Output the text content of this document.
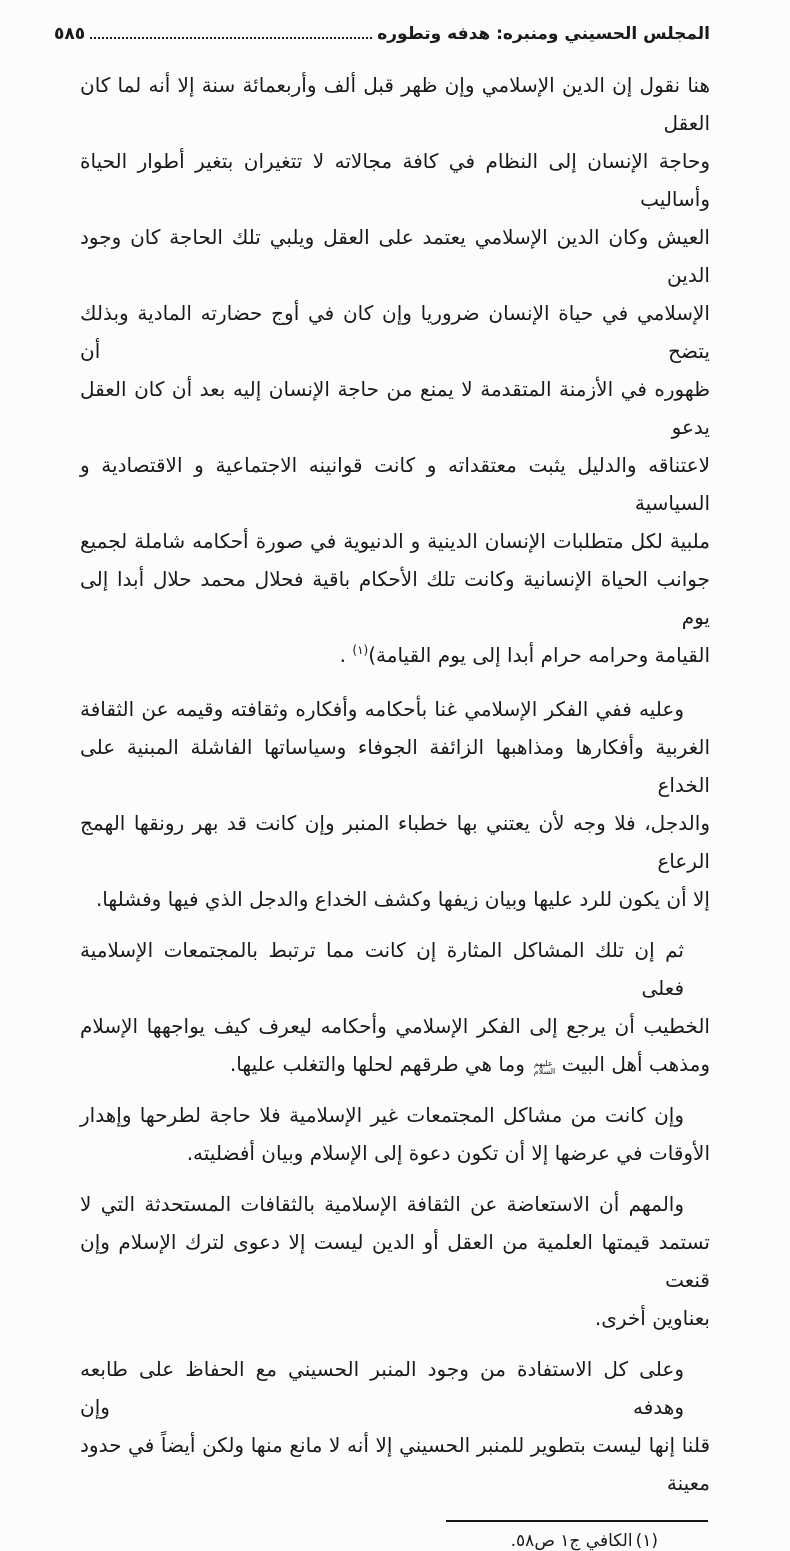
المجلس الحسيني ومنبره: هدفه وتطوره
٥٨٥
هنا نقول إن الدين الإسلامي وإن ظهر قبل ألف وأربعمائة سنة إلا أنه لما كان العقل
وحاجة الإنسان إلى النظام في كافة مجالاته لا تتغيران بتغير أطوار الحياة وأساليب
العيش وكان الدين الإسلامي يعتمد على العقل ويلبي تلك الحاجة كان وجود الدين
الإسلامي في حياة الإنسان ضروريا وإن كان في أوج حضارته المادية وبذلك يتضح أن
ظهوره في الأزمنة المتقدمة لا يمنع من حاجة الإنسان إليه بعد أن كان العقل يدعو
لاعتناقه والدليل يثبت معتقداته و كانت قوانينه الاجتماعية و الاقتصادية و السياسية
ملبية لكل متطلبات الإنسان الدينية و الدنيوية في صورة أحكامه شاملة لجميع
جوانب الحياة الإنسانية وكانت تلك الأحكام باقية فحلال محمد حلال أبدا إلى يوم
القيامة وحرامه حرام أبدا إلى يوم القيامة)$^{(١)}$ .
وعليه ففي الفكر الإسلامي غنا بأحكامه وأفكاره وثقافته وقيمه عن الثقافة
الغربية وأفكارها ومذاهبها الزائفة الجوفاء وسياساتها الفاشلة المبنية على الخداع
والدجل، فلا وجه لأن يعتني بها خطباء المنبر وإن كانت قد بهر رونقها الهمج الرعاع
إلا أن يكون للرد عليها وبيان زيفها وكشف الخداع والدجل الذي فيها وفشلها.
ثم إن تلك المشاكل المثارة إن كانت مما ترتبط بالمجتمعات الإسلامية فعلى
الخطيب أن يرجع إلى الفكر الإسلامي وأحكامه ليعرف كيف يواجهها الإسلام
ومذهب أهل البيت عليهم السلام وما هي طرقهم لحلها والتغلب عليها.
وإن كانت من مشاكل المجتمعات غير الإسلامية فلا حاجة لطرحها وإهدار
الأوقات في عرضها إلا أن تكون دعوة إلى الإسلام وبيان أفضليته.
والمهم أن الاستعاضة عن الثقافة الإسلامية بالثقافات المستحدثة التي لا
تستمد قيمتها العلمية من العقل أو الدين ليست إلا دعوى لترك الإسلام وإن قنعت
بعناوين أخرى.
وعلى كل الاستفادة من وجود المنبر الحسيني مع الحفاظ على طابعه وهدفه وإن
قلنا إنها ليست بتطوير للمنبر الحسيني إلا أنه لا مانع منها ولكن أيضاً في حدود معينة
(١)الكافي ج١ ص٥٨.
